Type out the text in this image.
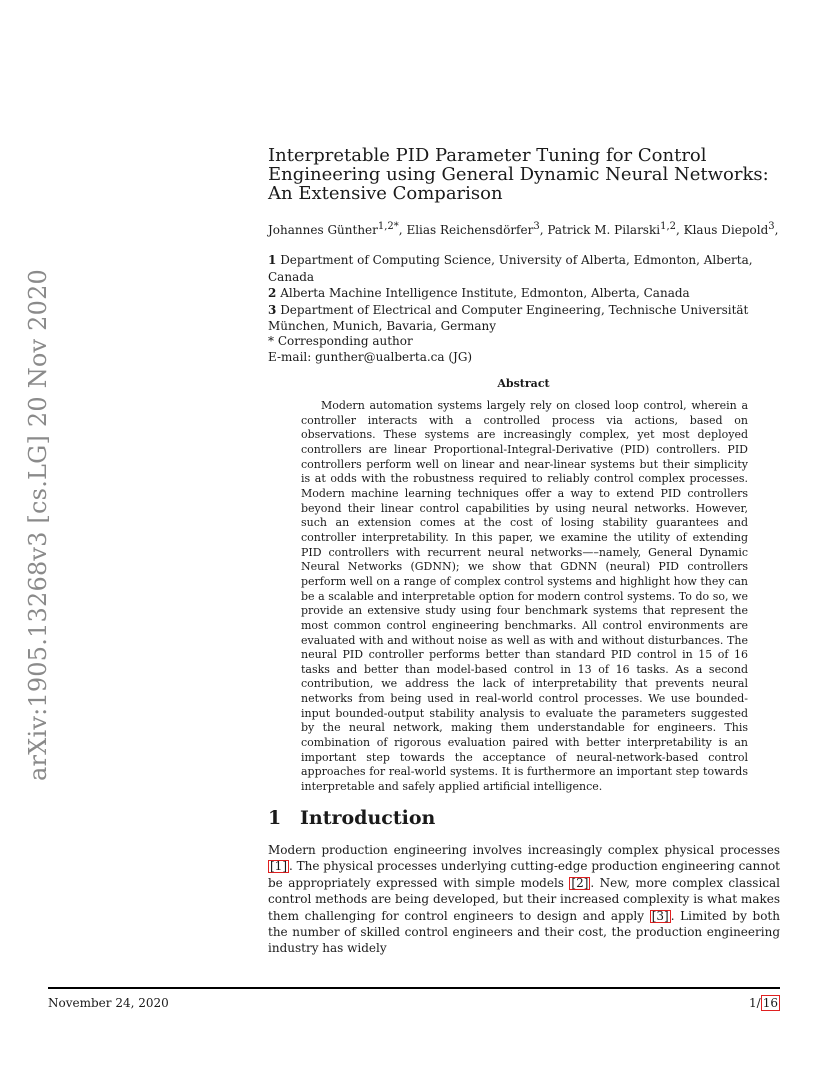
arXiv:1905.13268v3 [cs.LG] 20 Nov 2020
Interpretable PID Parameter Tuning for Control Engineering using General Dynamic Neural Networks: An Extensive Comparison
Johannes Günther$^{1,2*}$, Elias Reichensdörfer$^3$, Patrick M. Pilarski$^{1,2}$, Klaus Diepold$^3$,
1 Department of Computing Science, University of Alberta, Edmonton, Alberta, Canada
2 Alberta Machine Intelligence Institute, Edmonton, Alberta, Canada
3 Department of Electrical and Computer Engineering, Technische Universität München, Munich, Bavaria, Germany
* Corresponding author
E-mail: gunther@ualberta.ca (JG)
Abstract

Modern automation systems largely rely on closed loop control, wherein a controller interacts with a controlled process via actions, based on observations. These systems are increasingly complex, yet most deployed controllers are linear Proportional-Integral-Derivative (PID) controllers. PID controllers perform well on linear and near-linear systems but their simplicity is at odds with the robustness required to reliably control complex processes. Modern machine learning techniques offer a way to extend PID controllers beyond their linear control capabilities by using neural networks. However, such an extension comes at the cost of losing stability guarantees and controller interpretability. In this paper, we examine the utility of extending PID controllers with recurrent neural networks—–namely, General Dynamic Neural Networks (GDNN); we show that GDNN (neural) PID controllers perform well on a range of complex control systems and highlight how they can be a scalable and interpretable option for modern control systems. To do so, we provide an extensive study using four benchmark systems that represent the most common control engineering benchmarks. All control environments are evaluated with and without noise as well as with and without disturbances. The neural PID controller performs better than standard PID control in 15 of 16 tasks and better than model-based control in 13 of 16 tasks. As a second contribution, we address the lack of interpretability that prevents neural networks from being used in real-world control processes. We use bounded-input bounded-output stability analysis to evaluate the parameters suggested by the neural network, making them understandable for engineers. This combination of rigorous evaluation paired with better interpretability is an important step towards the acceptance of neural-network-based control approaches for real-world systems. It is furthermore an important step towards interpretable and safely applied artificial intelligence.

1 Introduction

Modern production engineering involves increasingly complex physical processes [1] . The physical processes underlying cutting-edge production engineering cannot be appropriately expressed with simple models [2] . New, more complex classical control methods are being developed, but their increased complexity is what makes them challenging for control engineers to design and apply [3] . Limited by both the number of skilled control engineers and their cost, the production engineering industry has widely

November 24, 2020	1/ 16
